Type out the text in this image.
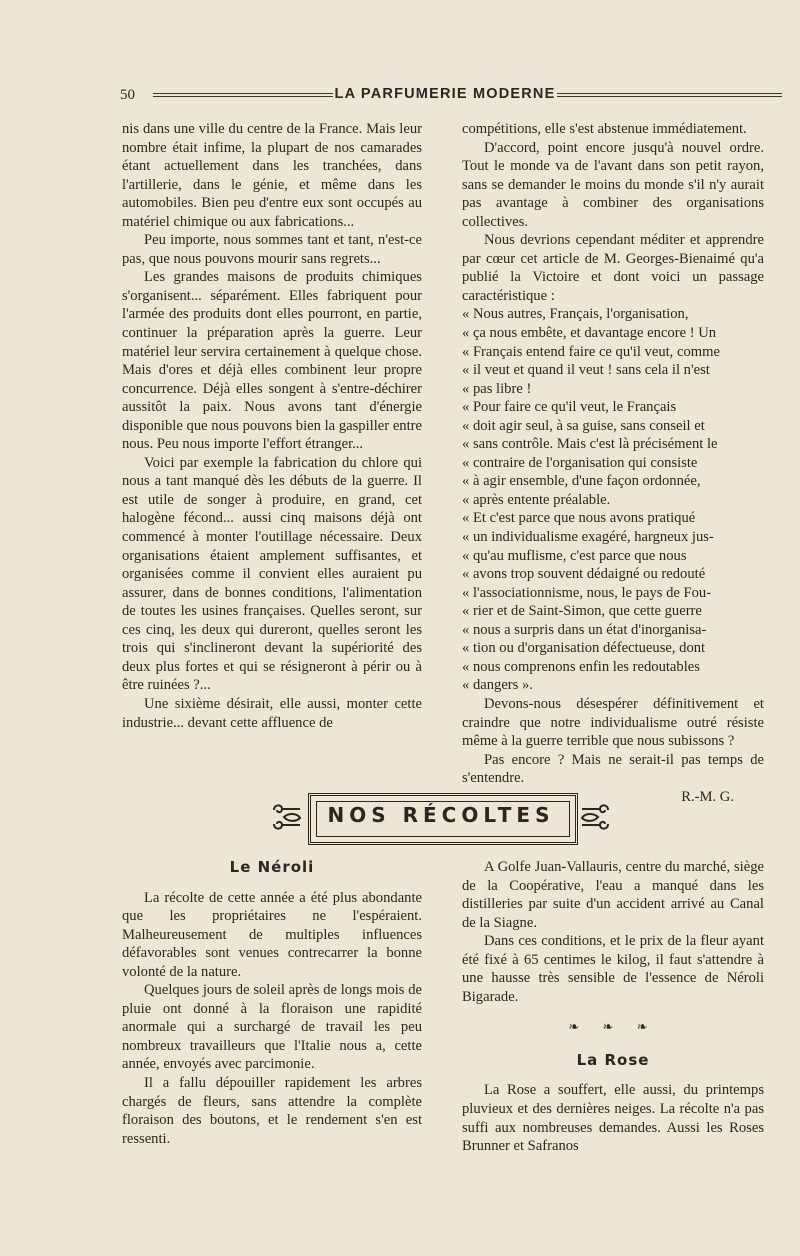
50	LA PARFUMERIE MODERNE

nis dans une ville du centre de la France. Mais leur nombre était infime, la plupart de nos camarades étant actuellement dans les tranchées, dans l'artillerie, dans le génie, et même dans les automobiles. Bien peu d'entre eux sont occupés au matériel chimique ou aux fabrications...

Peu importe, nous sommes tant et tant, n'est-ce pas, que nous pouvons mourir sans regrets...

Les grandes maisons de produits chimiques s'organisent... séparément. Elles fabriquent pour l'armée des produits dont elles pourront, en partie, continuer la préparation après la guerre. Leur matériel leur servira certainement à quelque chose. Mais d'ores et déjà elles combinent leur propre concurrence. Déjà elles songent à s'entre-déchirer aussitôt la paix. Nous avons tant d'énergie disponible que nous pouvons bien la gaspiller entre nous. Peu nous importe l'effort étranger...

Voici par exemple la fabrication du chlore qui nous a tant manqué dès les débuts de la guerre. Il est utile de songer à produire, en grand, cet halogène fécond... aussi cinq maisons déjà ont commencé à monter l'outillage nécessaire. Deux organisations étaient amplement suffisantes, et organisées comme il convient elles auraient pu assurer, dans de bonnes conditions, l'alimentation de toutes les usines françaises. Quelles seront, sur ces cinq, les deux qui dureront, quelles seront les trois qui s'inclineront devant la supériorité des deux plus fortes et qui se résigneront à périr ou à être ruinées ?...

Une sixième désirait, elle aussi, monter cette industrie... devant cette affluence de

compétitions, elle s'est abstenue immédiatement.

D'accord, point encore jusqu'à nouvel ordre. Tout le monde va de l'avant dans son petit rayon, sans se demander le moins du monde s'il n'y aurait pas avantage à combiner des organisations collectives.

Nous devrions cependant méditer et apprendre par cœur cet article de M. Georges-Bienaimé qu'a publié la Victoire et dont voici un passage caractéristique :

« Nous autres, Français, l'organisation,

« ça nous embête, et davantage encore ! Un

« Français entend faire ce qu'il veut, comme

« il veut et quand il veut ! sans cela il n'est

« pas libre !

« Pour faire ce qu'il veut, le Français

« doit agir seul, à sa guise, sans conseil et

« sans contrôle. Mais c'est là précisément le

« contraire de l'organisation qui consiste

« à agir ensemble, d'une façon ordonnée,

« après entente préalable.

« Et c'est parce que nous avons pratiqué

« un individualisme exagéré, hargneux jus-

« qu'au muflisme, c'est parce que nous

« avons trop souvent dédaigné ou redouté

« l'associationnisme, nous, le pays de Fou-

« rier et de Saint-Simon, que cette guerre

« nous a surpris dans un état d'inorganisa-

« tion ou d'organisation défectueuse, dont

« nous comprenons enfin les redoutables

« dangers ».

Devons-nous désespérer définitivement et craindre que notre individualisme outré résiste même à la guerre terrible que nous subissons ?

Pas encore ? Mais ne serait-il pas temps de s'entendre.

R.-M. G.
NOS RÉCOLTES
Le Néroli

La récolte de cette année a été plus abondante que les propriétaires ne l'espéraient. Malheureusement de multiples influences défavorables sont venues contrecarrer la bonne volonté de la nature.

Quelques jours de soleil après de longs mois de pluie ont donné à la floraison une rapidité anormale qui a surchargé de travail les peu nombreux travailleurs que l'Italie nous a, cette année, envoyés avec parcimonie.

Il a fallu dépouiller rapidement les arbres chargés de fleurs, sans attendre la complète floraison des boutons, et le rendement s'en est ressenti.

A Golfe Juan-Vallauris, centre du marché, siège de la Coopérative, l'eau a manqué dans les distilleries par suite d'un accident arrivé au Canal de la Siagne.

Dans ces conditions, et le prix de la fleur ayant été fixé à 65 centimes le kilog, il faut s'attendre à une hausse très sensible de l'essence de Néroli Bigarade.

❧ ❧ ❧
La Rose

La Rose a souffert, elle aussi, du printemps pluvieux et des dernières neiges. La récolte n'a pas suffi aux nombreuses demandes. Aussi les Roses Brunner et Safranos
